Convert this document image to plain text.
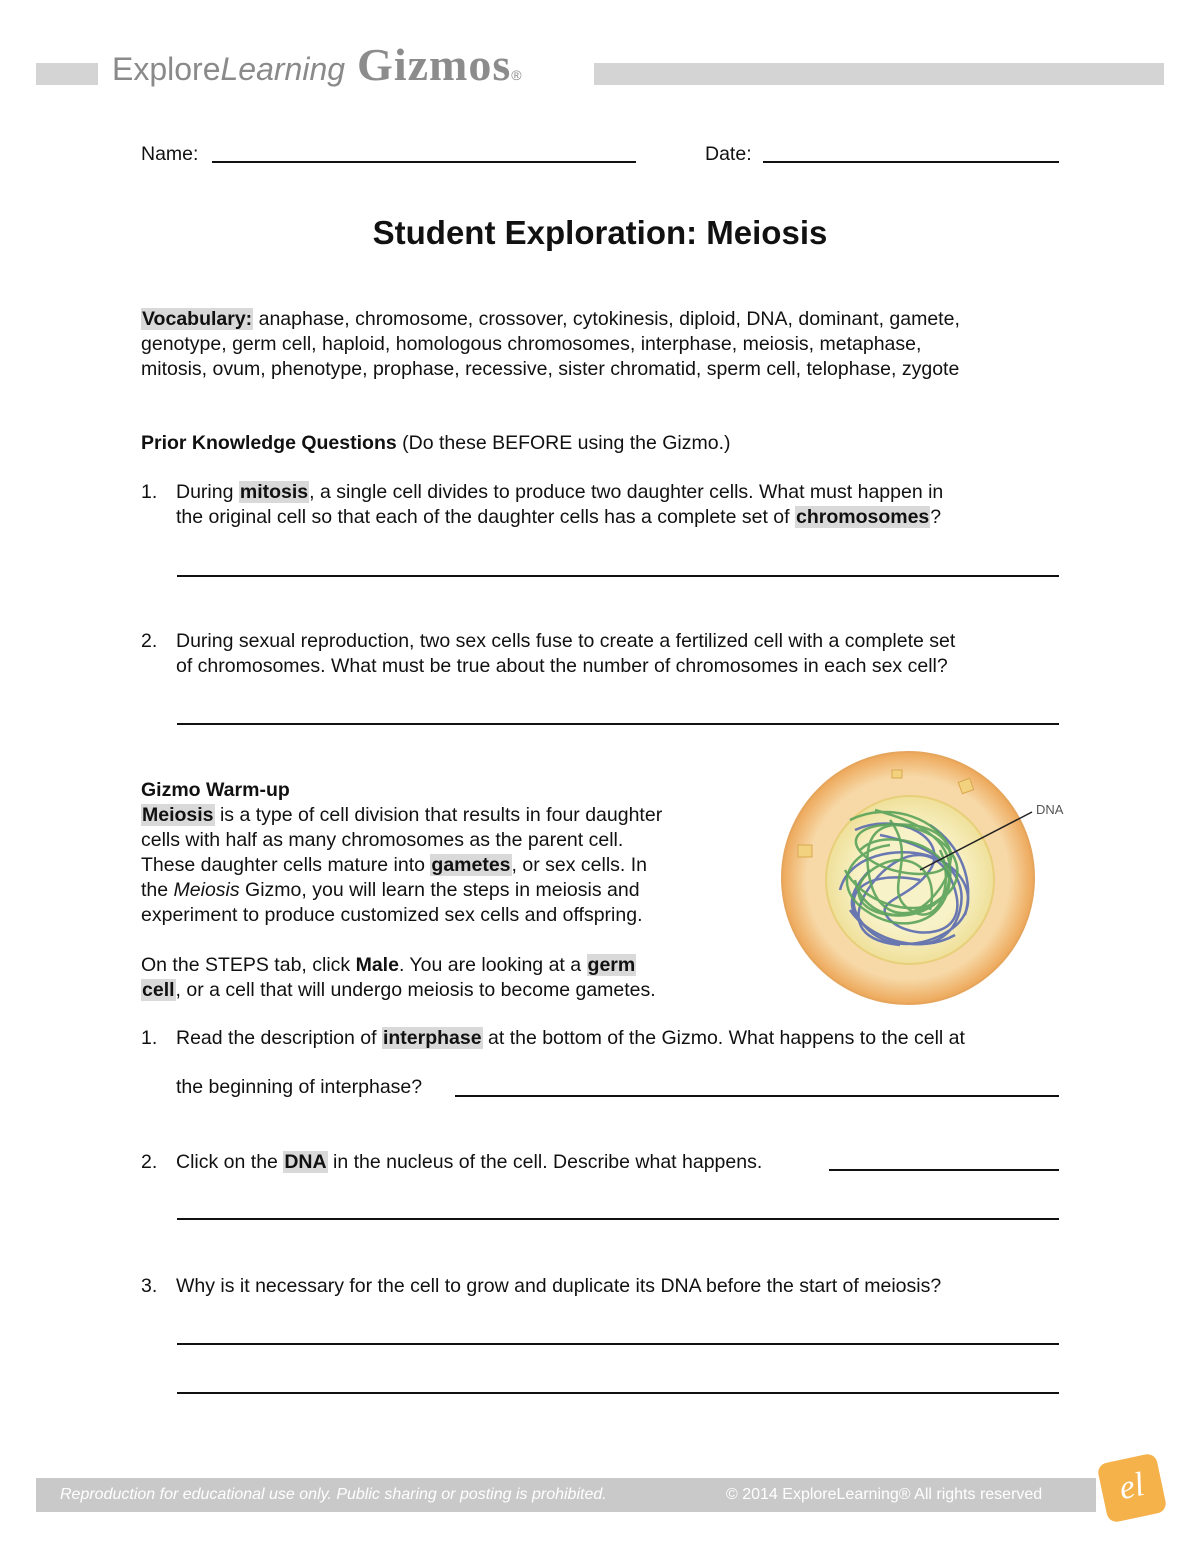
Explore Learning Gizmos ®
Name:	Date:
Student Exploration: Meiosis
Vocabulary: anaphase, chromosome, crossover, cytokinesis, diploid, DNA, dominant, gamete,
genotype, germ cell, haploid, homologous chromosomes, interphase, meiosis, metaphase,
mitosis, ovum, phenotype, prophase, recessive, sister chromatid, sperm cell, telophase, zygote
Prior Knowledge Questions (Do these BEFORE using the Gizmo.)
1. During mitosis, a single cell divides to produce two daughter cells. What must happen in
the original cell so that each of the daughter cells has a complete set of chromosomes?
2. During sexual reproduction, two sex cells fuse to create a fertilized cell with a complete set
of chromosomes. What must be true about the number of chromosomes in each sex cell?
Gizmo Warm-up
Meiosis is a type of cell division that results in four daughter
cells with half as many chromosomes as the parent cell.
These daughter cells mature into gametes, or sex cells. In
the Meiosis Gizmo, you will learn the steps in meiosis and
experiment to produce customized sex cells and offspring.
On the STEPS tab, click Male. You are looking at a germ
cell, or a cell that will undergo meiosis to become gametes.
DNA
1. Read the description of interphase at the bottom of the Gizmo. What happens to the cell at
the beginning of interphase?
2. Click on the DNA in the nucleus of the cell. Describe what happens.
3. Why is it necessary for the cell to grow and duplicate its DNA before the start of meiosis?
Reproduction for educational use only. Public sharing or posting is prohibited.	© 2014 ExploreLearning® All rights reserved	el
